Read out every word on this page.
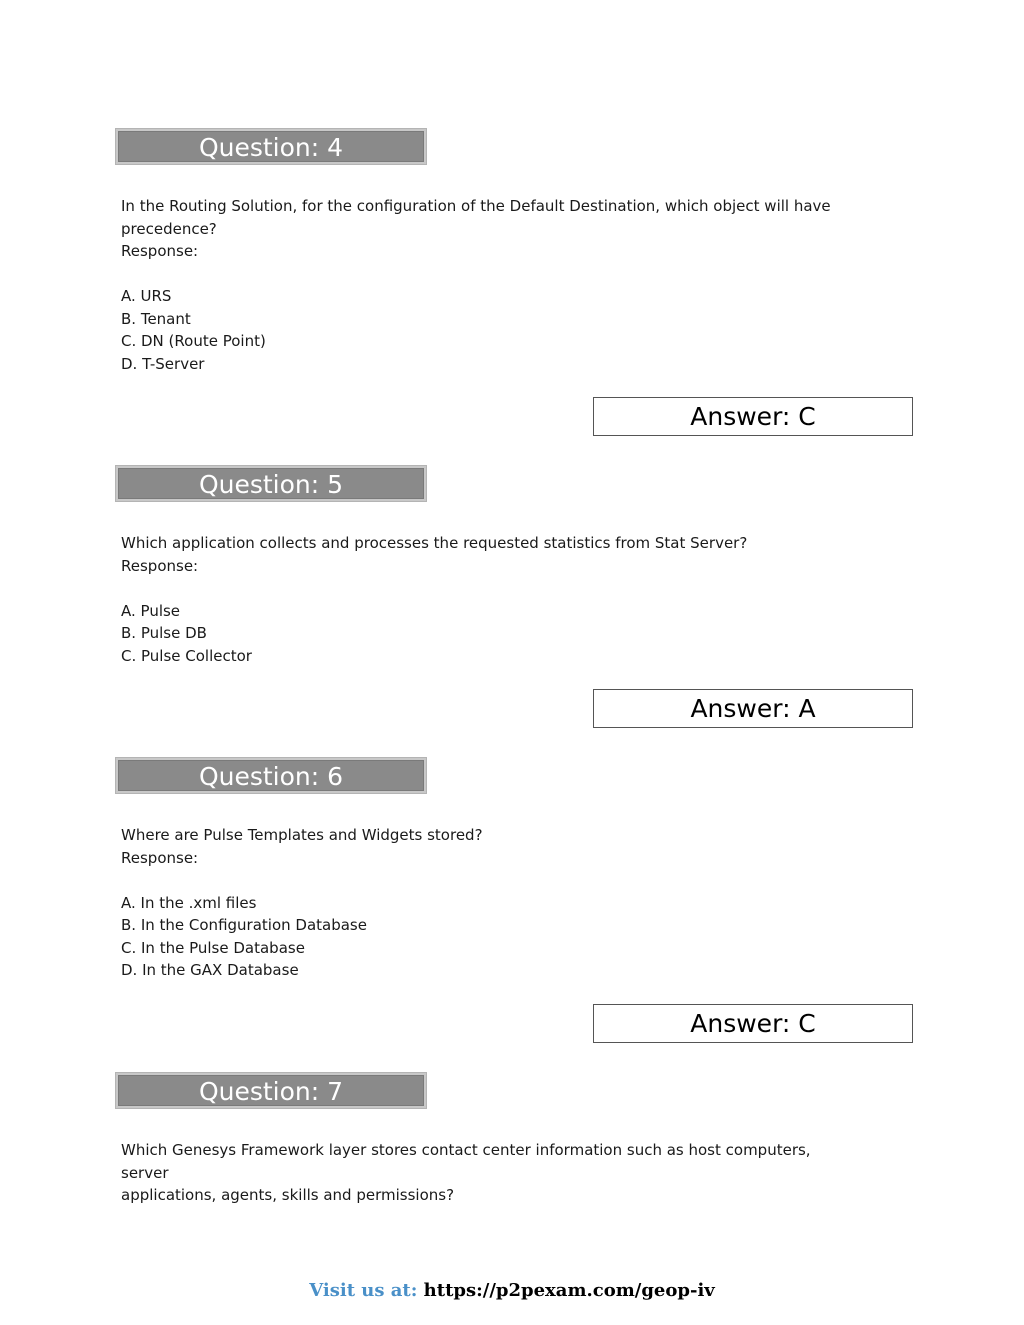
Question: 4

In the Routing Solution, for the configuration of the Default Destination, which object will have

precedence?

Response:

A. URS

B. Tenant

C. DN (Route Point)

D. T-Server

Answer: C
Question: 5

Which application collects and processes the requested statistics from Stat Server?

Response:

A. Pulse

B. Pulse DB

C. Pulse Collector

Answer: A
Question: 6

Where are Pulse Templates and Widgets stored?

Response:

A. In the .xml files

B. In the Configuration Database

C. In the Pulse Database

D. In the GAX Database

Answer: C
Question: 7

Which Genesys Framework layer stores contact center information such as host computers, server

applications, agents, skills and permissions?

Visit us at: https://p2pexam.com/geop-iv
